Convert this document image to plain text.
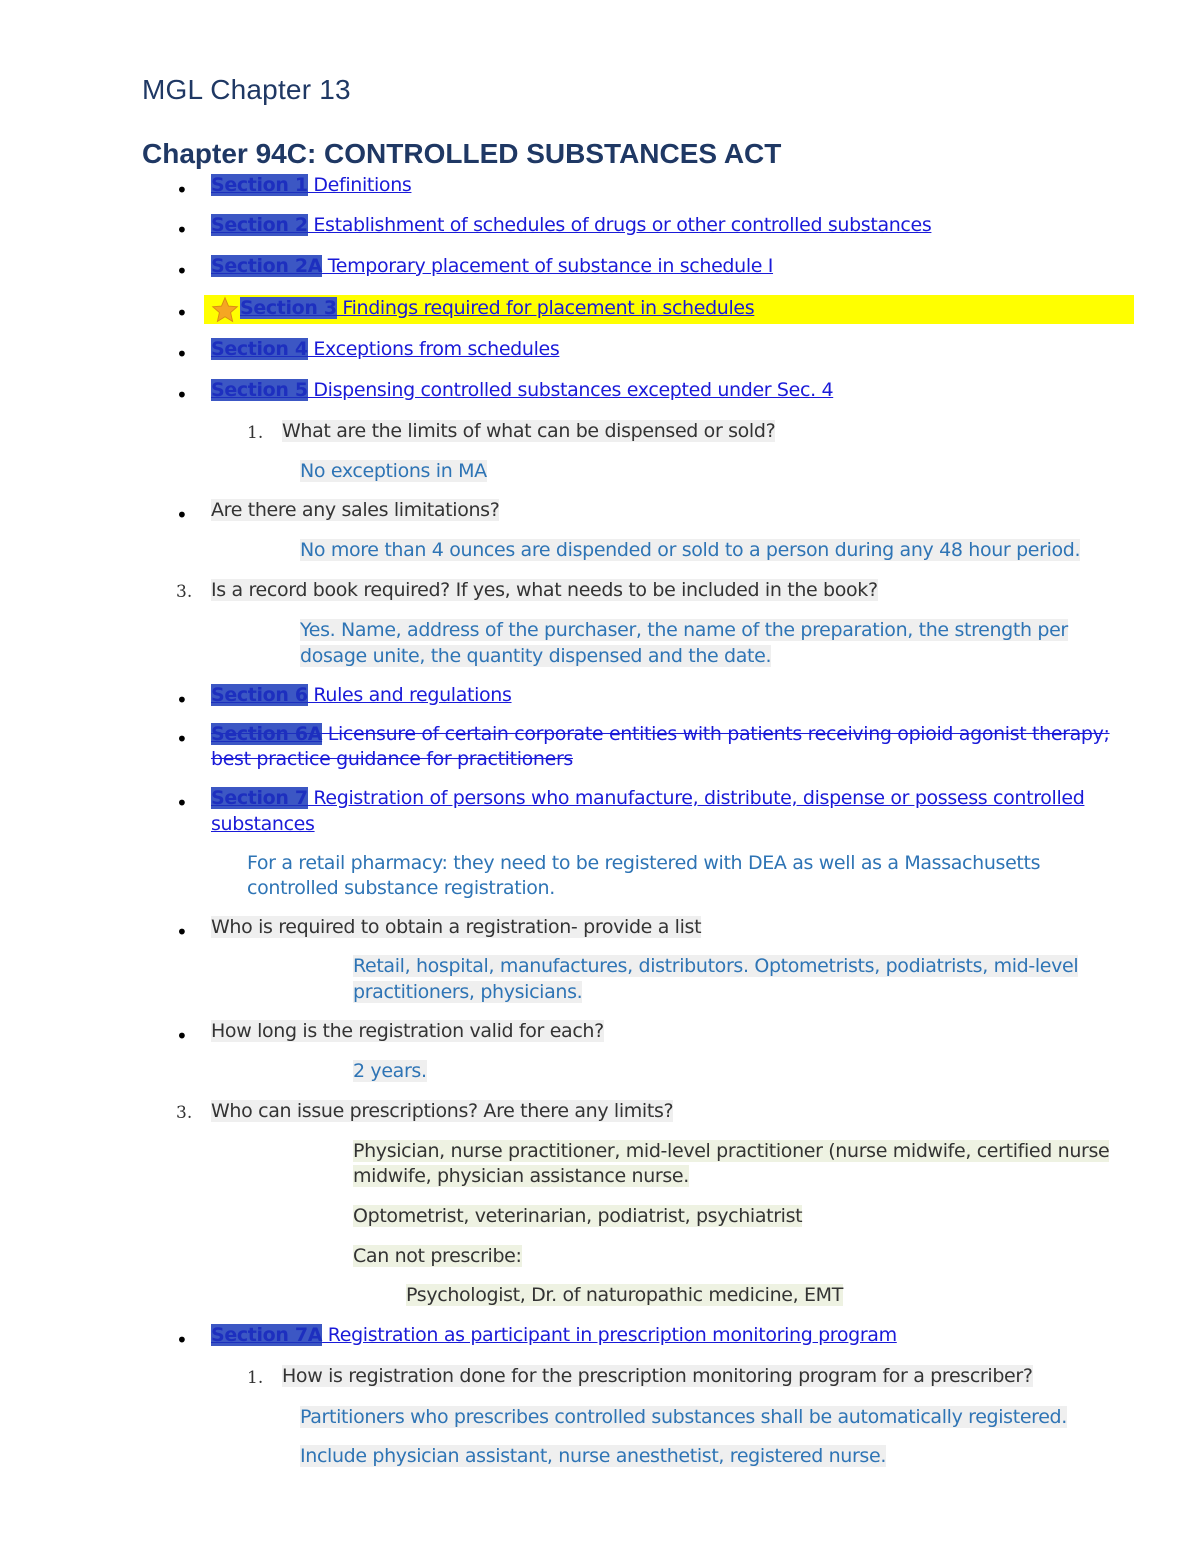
MGL Chapter 13
Chapter 94C: CONTROLLED SUBSTANCES ACT
• Section 1 Definitions
• Section 2 Establishment of schedules of drugs or other controlled substances
• Section 2A Temporary placement of substance in schedule I
•	Section 3 Findings required for placement in schedules
• Section 4 Exceptions from schedules
• Section 5 Dispensing controlled substances excepted under Sec. 4
1. What are the limits of what can be dispensed or sold?
No exceptions in MA
• Are there any sales limitations?
No more than 4 ounces are dispended or sold to a person during any 48 hour period.
3. Is a record book required? If yes, what needs to be included in the book?
Yes. Name, address of the purchaser, the name of the preparation, the strength per
dosage unite, the quantity dispensed and the date.
• Section 6 Rules and regulations
• Section 6A Licensure of certain corporate entities with patients receiving opioid agonist therapy;
best practice guidance for practitioners
• Section 7 Registration of persons who manufacture, distribute, dispense or possess controlled
substances
For a retail pharmacy: they need to be registered with DEA as well as a Massachusetts
controlled substance registration.
• Who is required to obtain a registration- provide a list
Retail, hospital, manufactures, distributors. Optometrists, podiatrists, mid-level
practitioners, physicians.
• How long is the registration valid for each?
2 years.
3. Who can issue prescriptions? Are there any limits?
Physician, nurse practitioner, mid-level practitioner (nurse midwife, certified nurse
midwife, physician assistance nurse.
Optometrist, veterinarian, podiatrist, psychiatrist
Can not prescribe:
Psychologist, Dr. of naturopathic medicine, EMT
• Section 7A Registration as participant in prescription monitoring program
1. How is registration done for the prescription monitoring program for a prescriber?
Partitioners who prescribes controlled substances shall be automatically registered.
Include physician assistant, nurse anesthetist, registered nurse.
